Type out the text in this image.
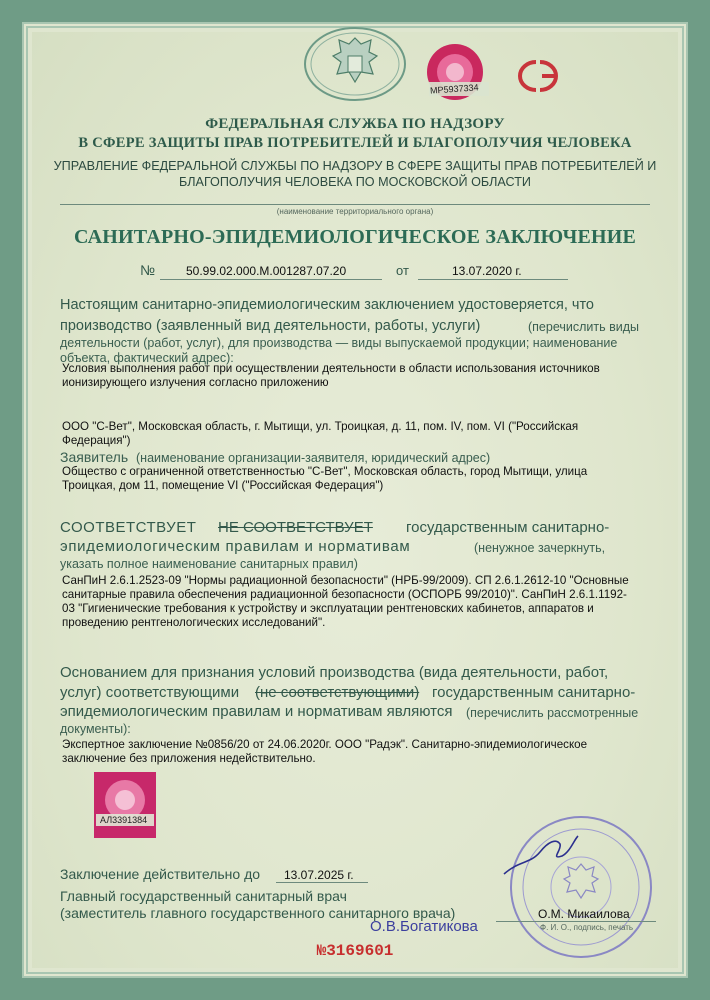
МР5937334
ФЕДЕРАЛЬНАЯ СЛУЖБА ПО НАДЗОРУ
В СФЕРЕ ЗАЩИТЫ ПРАВ ПОТРЕБИТЕЛЕЙ И БЛАГОПОЛУЧИЯ ЧЕЛОВЕКА
УПРАВЛЕНИЕ ФЕДЕРАЛЬНОЙ СЛУЖБЫ ПО НАДЗОРУ В СФЕРЕ ЗАЩИТЫ ПРАВ ПОТРЕБИТЕЛЕЙ И
БЛАГОПОЛУЧИЯ ЧЕЛОВЕКА ПО МОСКОВСКОЙ ОБЛАСТИ
(наименование территориального органа)
САНИТАРНО-ЭПИДЕМИОЛОГИЧЕСКОЕ ЗАКЛЮЧЕНИЕ
№	50.99.02.000.М.001287.07.20	от	13.07.2020 г.
Настоящим санитарно-эпидемиологическим заключением удостоверяется, что
производство (заявленный вид деятельности, работы, услуги)	(перечислить виды
деятельности (работ, услуг), для производства — виды выпускаемой продукции; наименование
объекта, фактический адрес):
Условия выполнения работ при осуществлении деятельности в области использования источников
ионизирующего излучения согласно приложению
ООО "С-Вет", Московская область, г. Мытищи, ул. Троицкая, д. 11, пом. IV, пом. VI ("Российская
Федерация")
Заявитель (наименование организации-заявителя, юридический адрес)
Общество с ограниченной ответственностью "С-Вет", Московская область, город Мытищи, улица
Троицкая, дом 11, помещение VI ("Российская Федерация")
СООТВЕТСТВУЕТ НЕ СООТВЕТСТВУЕТ государственным санитарно-
эпидемиологическим правилам и нормативам	(ненужное зачеркнуть,
указать полное наименование санитарных правил)
СанПиН 2.6.1.2523-09 "Нормы радиационной безопасности" (НРБ-99/2009). СП 2.6.1.2612-10 "Основные
санитарные правила обеспечения радиационной безопасности (ОСПОРБ 99/2010)". СанПиН 2.6.1.1192-
03 "Гигиенические требования к устройству и эксплуатации рентгеновских кабинетов, аппаратов и
проведению рентгенологических исследований".
Основанием для признания условий производства (вида деятельности, работ,
услуг) соответствующими (не соответствующими) государственным санитарно-
эпидемиологическим правилам и нормативам являются (перечислить рассмотренные
документы):
Экспертное заключение №0856/20 от 24.06.2020г. ООО "Радэк". Санитарно-эпидемиологическое
заключение без приложения недействительно.
АЛ3391384
Заключение действительно до 13.07.2025 г.
Главный государственный санитарный врач
(заместитель главного государственного санитарного врача)	О.М. Микаилова
Ф. И. О., подпись, печать
О.В.Богатикова
№3169601
